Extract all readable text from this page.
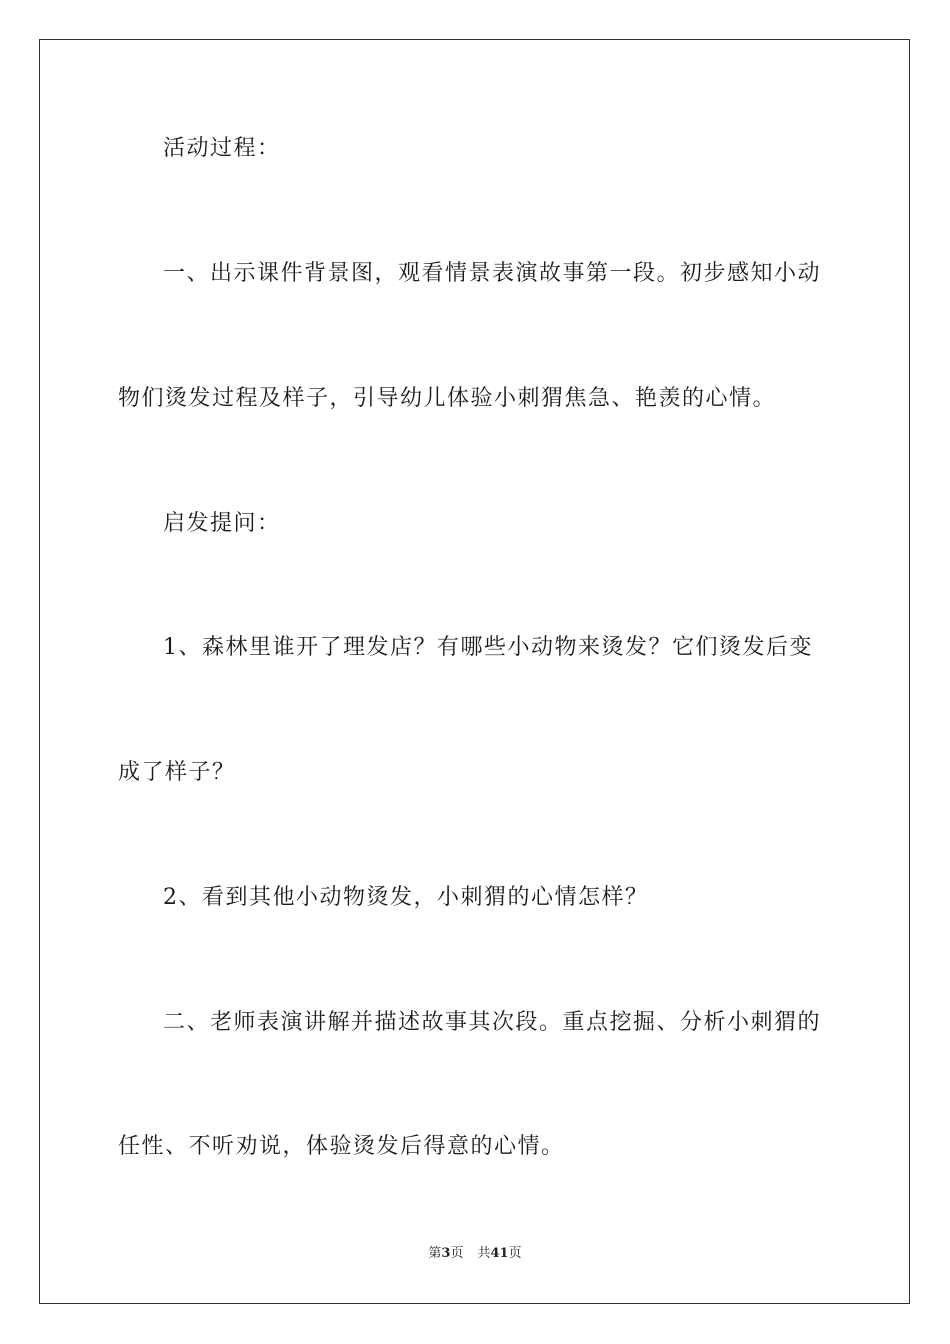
活动过程：
一、出示课件背景图，观看情景表演故事第一段。初步感知小动
物们烫发过程及样子，引导幼儿体验小刺猬焦急、艳羡的心情。
启发提问：
1、森林里谁开了理发店？有哪些小动物来烫发？它们烫发后变
成了样子？
2、看到其他小动物烫发，小刺猬的心情怎样？
二、老师表演讲解并描述故事其次段。重点挖掘、分析小刺猬的
任性、不听劝说，体验烫发后得意的心情。
第3页 共41页
